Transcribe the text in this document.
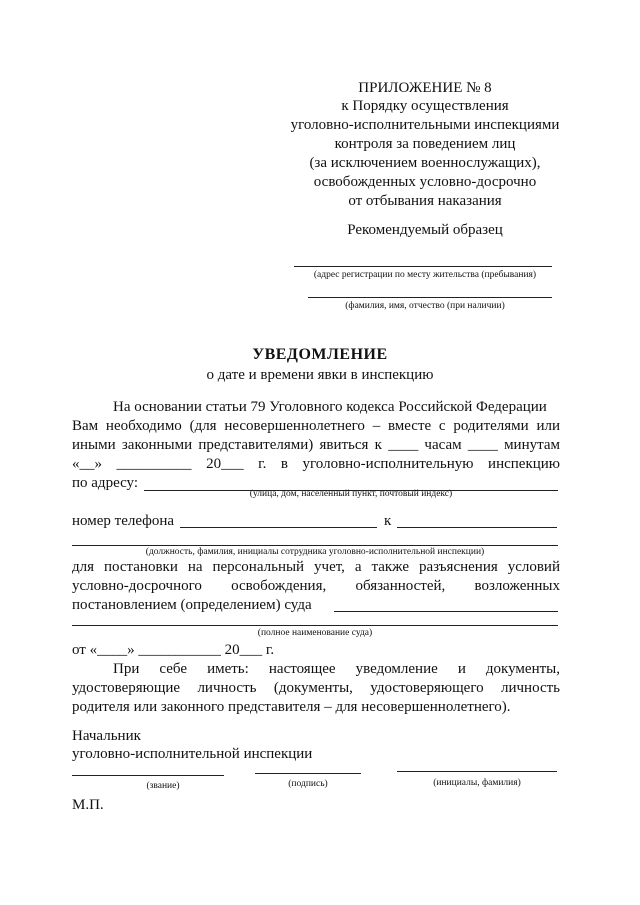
ПРИЛОЖЕНИЕ № 8
к Порядку осуществления
уголовно-исполнительными инспекциями
контроля за поведением лиц
(за исключением военнослужащих),
освобожденных условно-досрочно
от отбывания наказания
Рекомендуемый образец
(адрес регистрации по месту жительства (пребывания)
(фамилия, имя, отчество (при наличии)
УВЕДОМЛЕНИЕ
о дате и времени явки в инспекцию
На основании статьи 79 Уголовного кодекса Российской Федерации
Вам необходимо (для несовершеннолетнего – вместе с родителями или
иными законными представителями) явиться к ____ часам ____ минутам
«__» __________ 20___ г. в уголовно-исполнительную инспекцию
по адресу:
(улица, дом, населенный пункт, почтовый индекс)
номер телефона	к
(должность, фамилия, инициалы сотрудника уголовно-исполнительной инспекции)
для постановки на персональный учет, а также разъяснения условий
условно-досрочного освобождения, обязанностей, возложенных
постановлением (определением) суда
(полное наименование суда)
от «____» ___________ 20___ г.
При себе иметь: настоящее уведомление и документы,
удостоверяющие личность (документы, удостоверяющего личность
родителя или законного представителя – для несовершеннолетнего).
Начальник
уголовно-исполнительной инспекции
(звание)	(подпись)	(инициалы, фамилия)
М.П.
